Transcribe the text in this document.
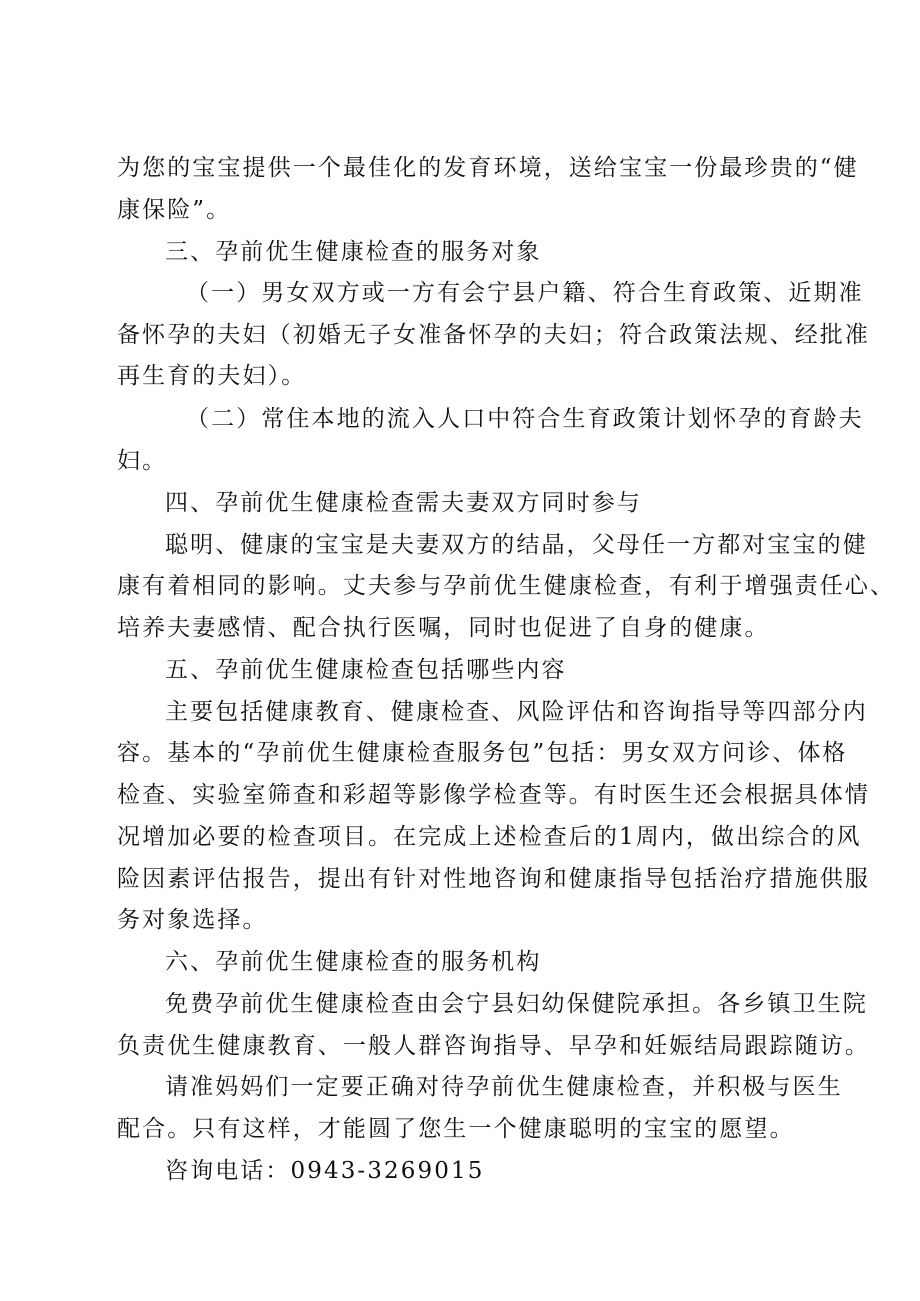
为您的宝宝提供一个最佳化的发育环境，送给宝宝一份最珍贵的“健
康保险”。
三、孕前优生健康检查的服务对象
（一）男女双方或一方有会宁县户籍、符合生育政策、近期准
备怀孕的夫妇（初婚无子女准备怀孕的夫妇；符合政策法规、经批准
再生育的夫妇）。
（二）常住本地的流入人口中符合生育政策计划怀孕的育龄夫
妇。
四、孕前优生健康检查需夫妻双方同时参与
聪明、健康的宝宝是夫妻双方的结晶，父母任一方都对宝宝的健
康有着相同的影响。丈夫参与孕前优生健康检查，有利于增强责任心、
培养夫妻感情、配合执行医嘱，同时也促进了自身的健康。
五、孕前优生健康检查包括哪些内容
主要包括健康教育、健康检查、风险评估和咨询指导等四部分内
容。基本的“孕前优生健康检查服务包”包括：男女双方问诊、体格
检查、实验室筛查和彩超等影像学检查等。有时医生还会根据具体情
况增加必要的检查项目。在完成上述检查后的1周内，做出综合的风
险因素评估报告，提出有针对性地咨询和健康指导包括治疗措施供服
务对象选择。
六、孕前优生健康检查的服务机构
免费孕前优生健康检查由会宁县妇幼保健院承担。各乡镇卫生院
负责优生健康教育、一般人群咨询指导、早孕和妊娠结局跟踪随访。
请准妈妈们一定要正确对待孕前优生健康检查，并积极与医生
配合。只有这样，才能圆了您生一个健康聪明的宝宝的愿望。
咨询电话：0943-3269015
